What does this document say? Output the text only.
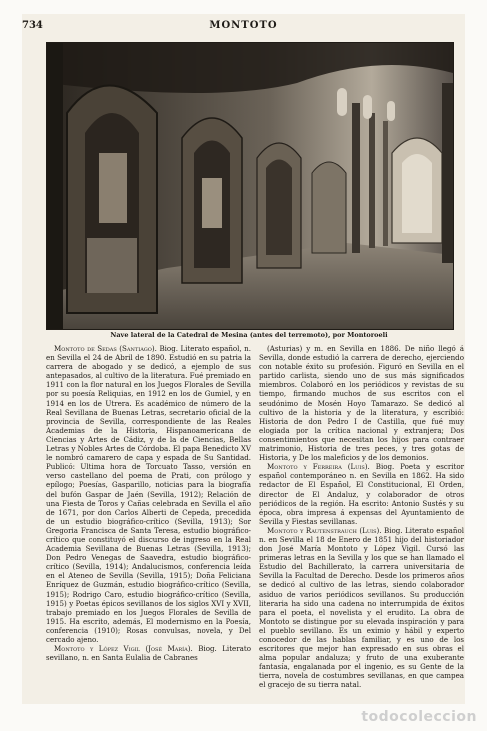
734	MONTOTO
Nave lateral de la Catedral de Mesina (antes del terremoto), por Montoroeli

Montoto de Sedas (Santiago). Biog. Literato español, n. en Sevilla el 24 de Abril de 1890. Estudió en su patria la carrera de abogado y se dedicó, a ejemplo de sus antepasados, al cultivo de la literatura. Fué premiado en 1911 con la flor natural en los Juegos Florales de Sevilla por su poesía Reliquias, en 1912 en los de Gumiel, y en 1914 en los de Utrera. Es académico de número de la Real Sevillana de Buenas Letras, secretario oficial de la provincia de Sevilla, correspondiente de las Reales Academias de la Historia, Hispanoamericana de Ciencias y Artes de Cádiz, y de la de Ciencias, Bellas Letras y Nobles Artes de Córdoba. El papa Benedicto XV le nombró camarero de capa y espada de Su Santidad. Publicó: Ultima hora de Torcuato Tasso, versión en verso castellano del poema de Prati, con prólogo y epílogo; Poesías, Gasparillo, noticias para la biografía del bufón Gaspar de Jaén (Sevilla, 1912); Relación de una Fiesta de Toros y Cañas celebrada en Sevilla el año de 1671, por don Carlos Alberti de Cepeda, precedida de un estudio biográfico-crítico (Sevilla, 1913); Sor Gregoria Francisca de Santa Teresa, estudio biográfico-crítico que constituyó el discurso de ingreso en la Real Academia Sevillana de Buenas Letras (Sevilla, 1913); Don Pedro Venegas de Saavedra, estudio biográfico-crítico (Sevilla, 1914); Andalucismos, conferencia leída en el Ateneo de Sevilla (Sevilla, 1915); Doña Feliciana Enríquez de Guzmán, estudio biográfico-crítico (Sevilla, 1915); Rodrigo Caro, estudio biográfico-crítico (Sevilla, 1915) y Poetas épicos sevillanos de los siglos XVI y XVII, trabajo premiado en los Juegos Florales de Sevilla de 1915. Ha escrito, además, El modernismo en la Poesía, conferencia (1910); Rosas convulsas, novela, y Del cercado ajeno.

Montoto y López Vigil (José María). Biog. Literato sevillano, n. en Santa Eulalia de Cabranes

(Asturias) y m. en Sevilla en 1886. De niño llegó á Sevilla, donde estudió la carrera de derecho, ejerciendo con notable éxito su profesión. Figuró en Sevilla en el partido carlista, siendo uno de sus más significados miembros. Colaboró en los periódicos y revistas de su tiempo, firmando muchos de sus escritos con el seudónimo de Mosén Hoyo Tamarazo. Se dedicó al cultivo de la historia y de la literatura, y escribió: Historia de don Pedro I de Castilla, que fué muy elogiada por la crítica nacional y extranjera; Dos consentimientos que necesitan los hijos para contraer matrimonio, Historia de tres peces, y tres gotas de Historia, y De los maleficios y de los demonios.

Montoto y Ferreira (Luis). Biog. Poeta y escritor español contemporáneo n. en Sevilla en 1862. Ha sido redactor de El Español, El Constitucional, El Orden, director de El Andaluz, y colaborador de otros periódicos de la región. Ha escrito: Antonio Sustés y su época, obra impresa á expensas del Ayuntamiento de Sevilla y Fiestas sevillanas.

Montoto y Rautenstrauch (Luis). Biog. Literato español n. en Sevilla el 18 de Enero de 1851 hijo del historiador don José María Montoto y López Vigil. Cursó las primeras letras en la Sevilla y los que se han llamado el Estudio del Bachillerato, la carrera universitaria de Sevilla la Facultad de Derecho. Desde los primeros años se dedicó al cultivo de las letras, siendo colaborador asiduo de varios periódicos sevillanos. Su producción literaria ha sido una cadena no interrumpida de éxitos para el poeta, el novelista y el erudito. La obra de Montoto se distingue por su elevada inspiración y para el pueblo sevillano. Es un eximio y hábil y experto conocedor de las hablas familiar, y es uno de los escritores que mejor han expresado en sus obras el alma popular andaluza; y fruto de una exuberante fantasía, engalanada por el ingenio, es su Gente de la tierra, novela de costumbres sevillanas, en que campea el gracejo de su tierra natal.

todocoleccion
